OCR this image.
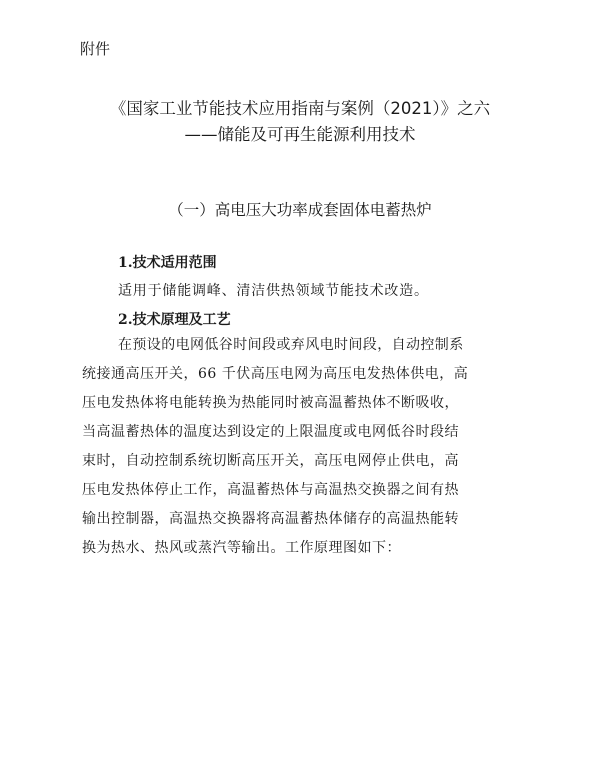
附件
《国家工业节能技术应用指南与案例（2021）》之六
——储能及可再生能源利用技术
（一）高电压大功率成套固体电蓄热炉
1.技术适用范围
适用于储能调峰、清洁供热领域节能技术改造。
2.技术原理及工艺
在预设的电网低谷时间段或弃风电时间段，自动控制系
统接通高压开关，66 千伏高压电网为高压电发热体供电，高
压电发热体将电能转换为热能同时被高温蓄热体不断吸收，
当高温蓄热体的温度达到设定的上限温度或电网低谷时段结
束时，自动控制系统切断高压开关，高压电网停止供电，高
压电发热体停止工作，高温蓄热体与高温热交换器之间有热
输出控制器，高温热交换器将高温蓄热体储存的高温热能转
换为热水、热风或蒸汽等输出。工作原理图如下：
